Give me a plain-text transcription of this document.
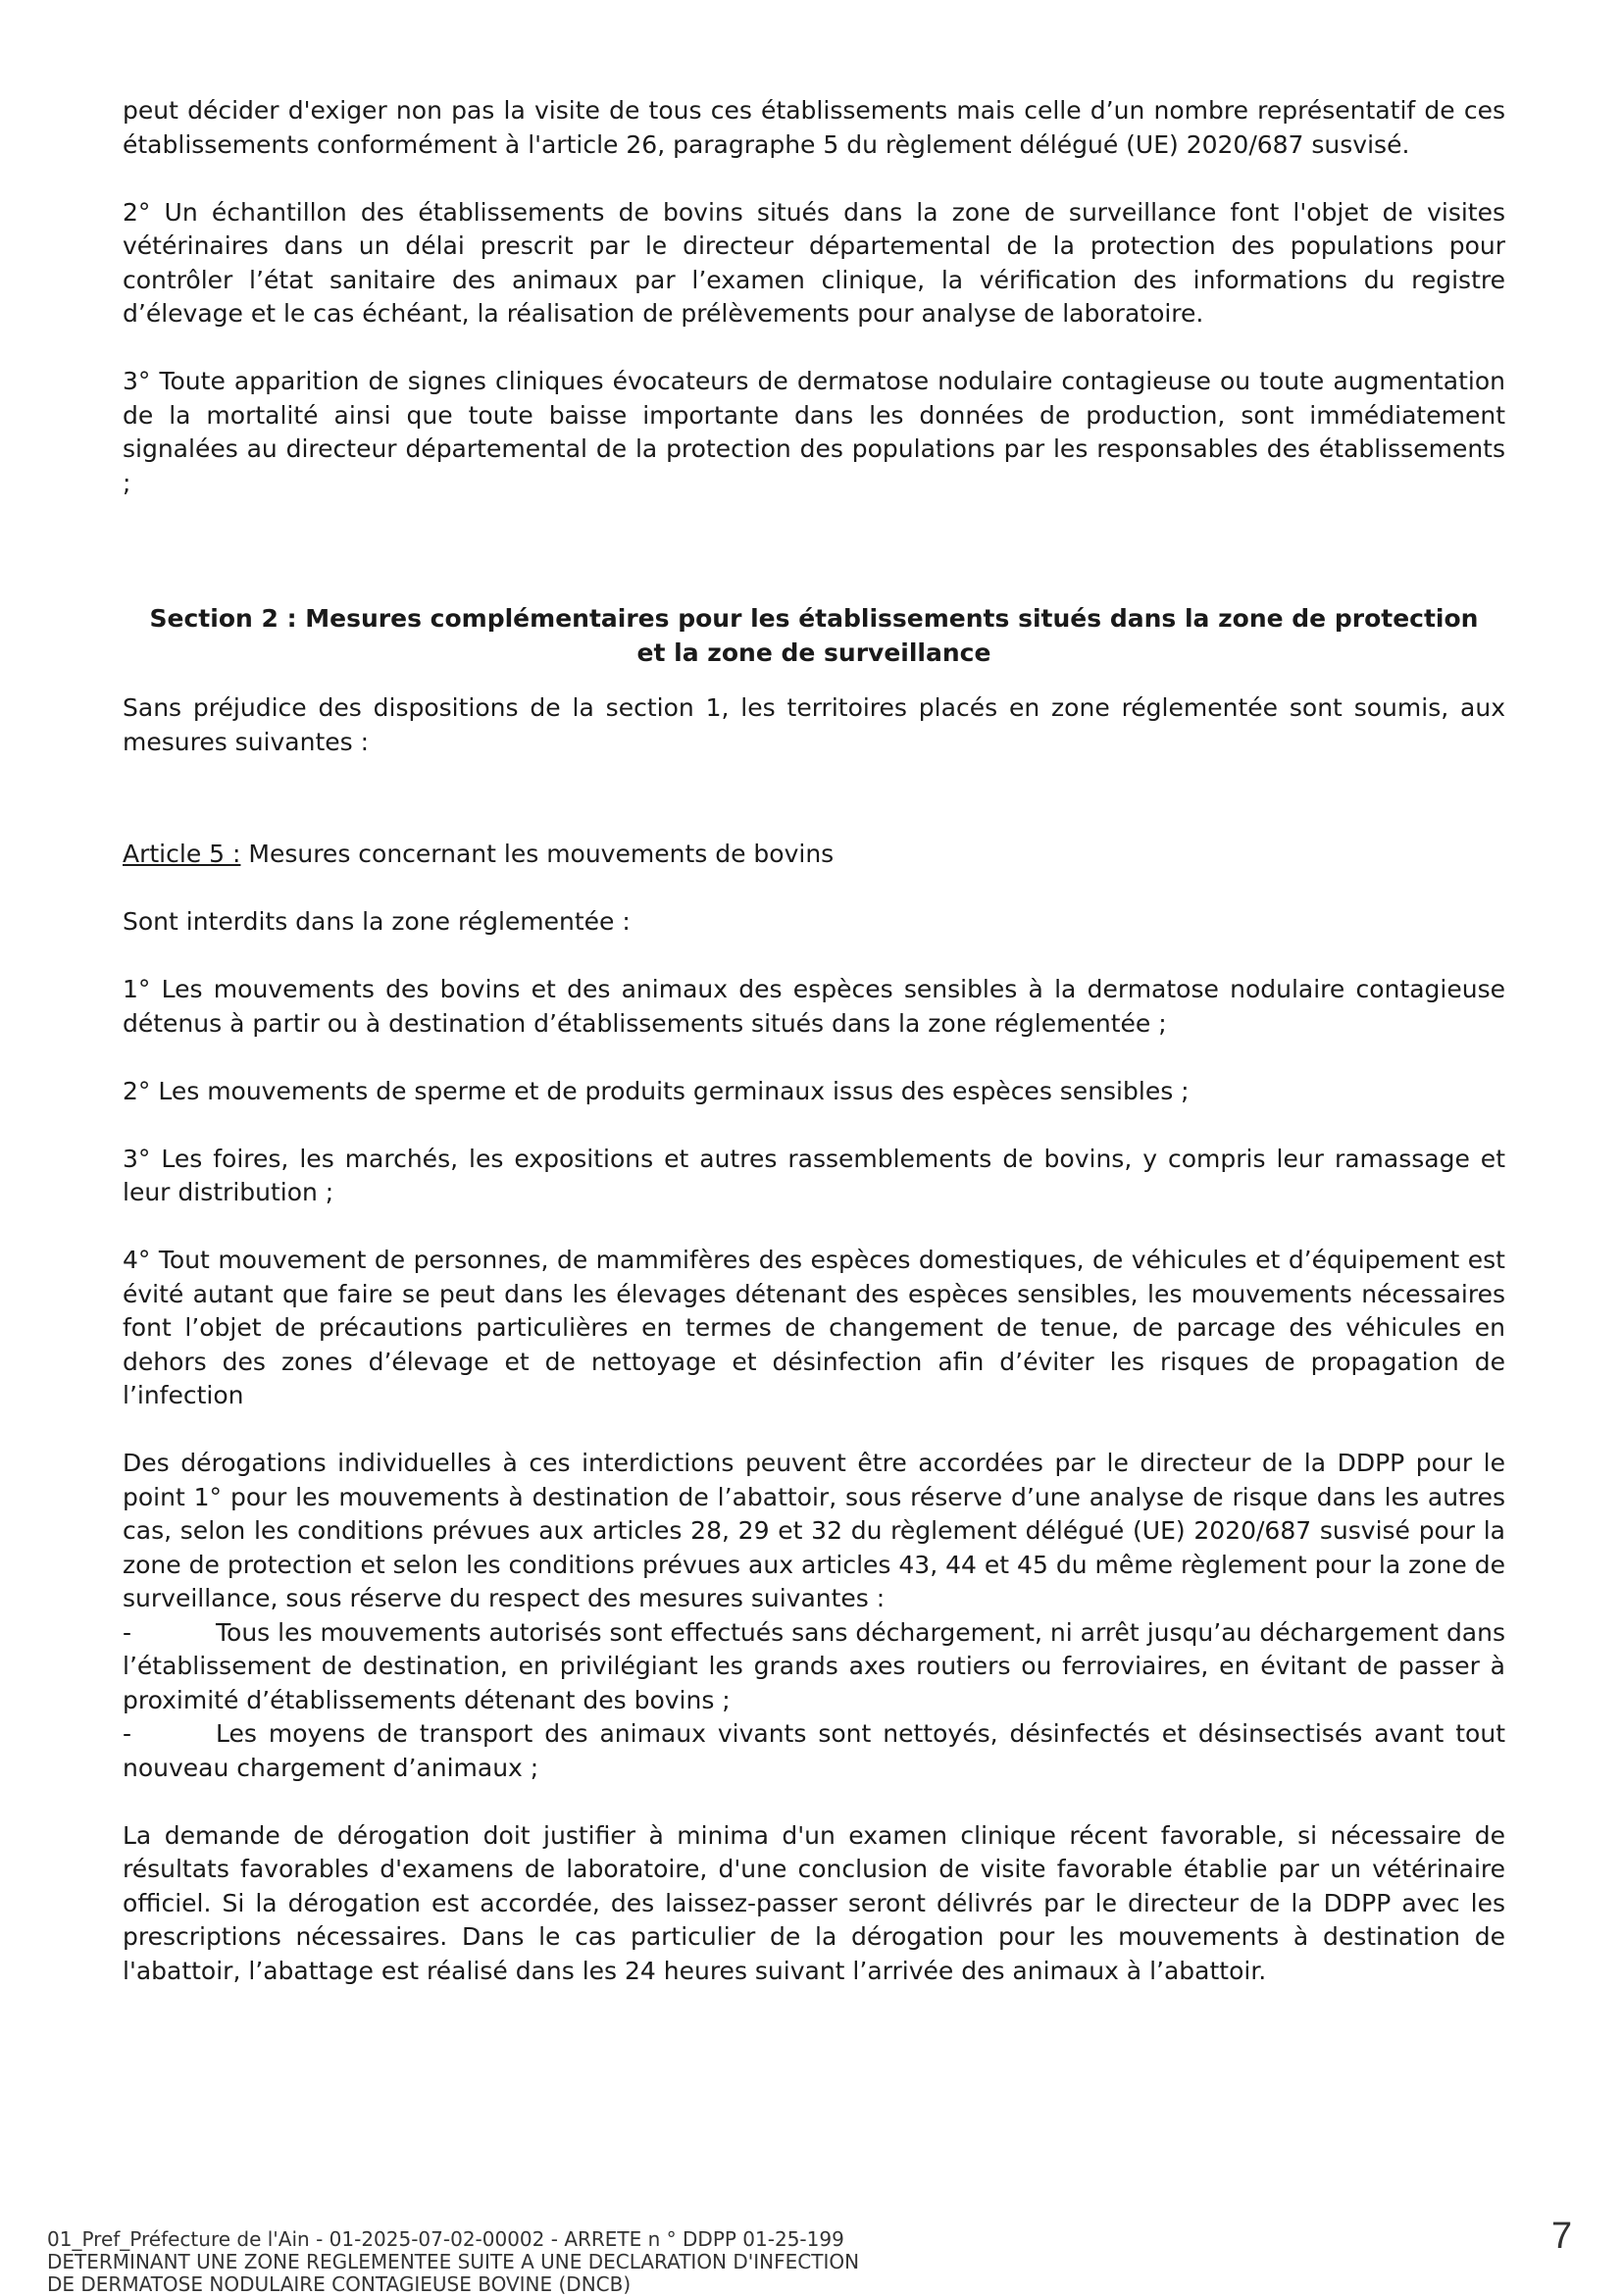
peut décider d'exiger non pas la visite de tous ces établissements mais celle d’un nombre représentatif de ces établissements conformément à l'article 26, paragraphe 5 du règlement délégué (UE) 2020/687 susvisé.

2° Un échantillon des établissements de bovins situés dans la zone de surveillance font l'objet de visites vétérinaires dans un délai prescrit par le directeur départemental de la protection des populations pour contrôler l’état sanitaire des animaux par l’examen clinique, la vérification des informations du registre d’élevage et le cas échéant, la réalisation de prélèvements pour analyse de laboratoire.

3° Toute apparition de signes cliniques évocateurs de dermatose nodulaire contagieuse ou toute augmentation de la mortalité ainsi que toute baisse importante dans les données de production, sont immédiatement signalées au directeur départemental de la protection des populations par les responsables des établissements ;

Section 2 : Mesures complémentaires pour les établissements situés dans la zone de protection et la zone de surveillance

Sans préjudice des dispositions de la section 1, les territoires placés en zone réglementée sont soumis, aux mesures suivantes :

Article 5 : Mesures concernant les mouvements de bovins

Sont interdits dans la zone réglementée :

1° Les mouvements des bovins et des animaux des espèces sensibles à la dermatose nodulaire contagieuse détenus à partir ou à destination d’établissements situés dans la zone réglementée ;

2° Les mouvements de sperme et de produits germinaux issus des espèces sensibles ;

3° Les foires, les marchés, les expositions et autres rassemblements de bovins, y compris leur ramassage et leur distribution ;

4° Tout mouvement de personnes, de mammifères des espèces domestiques, de véhicules et d’équipement est évité autant que faire se peut dans les élevages détenant des espèces sensibles, les mouvements nécessaires font l’objet de précautions particulières en termes de changement de tenue, de parcage des véhicules en dehors des zones d’élevage et de nettoyage et désinfection afin d’éviter les risques de propagation de l’infection

Des dérogations individuelles à ces interdictions peuvent être accordées par le directeur de la DDPP pour le point 1° pour les mouvements à destination de l’abattoir, sous réserve d’une analyse de risque dans les autres cas, selon les conditions prévues aux articles 28, 29 et 32 du règlement délégué (UE) 2020/687 susvisé pour la zone de protection et selon les conditions prévues aux articles 43, 44 et 45 du même règlement pour la zone de surveillance, sous réserve du respect des mesures suivantes :

-	Tous les mouvements autorisés sont effectués sans déchargement, ni arrêt jusqu’au déchargement dans l’établissement de destination, en privilégiant les grands axes routiers ou ferroviaires, en évitant de passer à proximité d’établissements détenant des bovins ;

-	Les moyens de transport des animaux vivants sont nettoyés, désinfectés et désinsectisés avant tout nouveau chargement d’animaux ;

La demande de dérogation doit justifier à minima d'un examen clinique récent favorable, si nécessaire de résultats favorables d'examens de laboratoire, d'une conclusion de visite favorable établie par un vétérinaire officiel. Si la dérogation est accordée, des laissez-passer seront délivrés par le directeur de la DDPP avec les prescriptions nécessaires. Dans le cas particulier de la dérogation pour les mouvements à destination de l'abattoir, l’abattage est réalisé dans les 24 heures suivant l’arrivée des animaux à l’abattoir.

01_Pref_Préfecture de l'Ain - 01-2025-07-02-00002 - ARRETE n ° DDPP 01-25-199
DETERMINANT UNE ZONE REGLEMENTEE SUITE A UNE DECLARATION D'INFECTION
DE DERMATOSE NODULAIRE CONTAGIEUSE BOVINE (DNCB)
7
